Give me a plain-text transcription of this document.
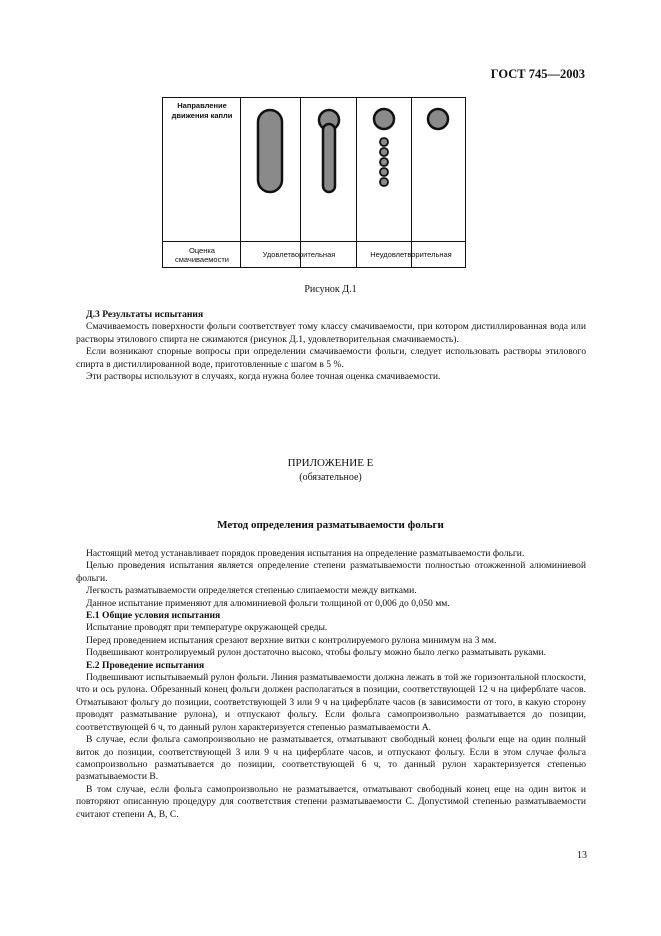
ГОСТ 745—2003
Направление движения капли
Оценка смачиваемости
Удовлетворительная	Неудовлетворительная
Рисунок Д.1

Д.3 Результаты испытания

Смачиваемость поверхности фольги соответствует тому классу смачиваемости, при котором дистиллированная вода или растворы этилового спирта не сжимаются (рисунок Д.1, удовлетворительная смачиваемость).

Если возникают спорные вопросы при определении смачиваемости фольги, следует использовать растворы этилового спирта в дистиллированной воде, приготовленные с шагом в 5 %.

Эти растворы используют в случаях, когда нужна более точная оценка смачиваемости.

ПРИЛОЖЕНИЕ Е
(обязательное)
Метод определения разматываемости фольги

Настоящий метод устанавливает порядок проведения испытания на определение разматываемости фольги.

Целью проведения испытания является определение степени разматываемости полностью отожженной алюминиевой фольги.

Легкость разматываемости определяется степенью слипаемости между витками.

Данное испытание применяют для алюминиевой фольги толщиной от 0,006 до 0,050 мм.

Е.1 Общие условия испытания

Испытание проводят при температуре окружающей среды.

Перед проведением испытания срезают верхние витки с контролируемого рулона минимум на 3 мм.

Подвешивают контролируемый рулон достаточно высоко, чтобы фольгу можно было легко разматывать руками.

Е.2 Проведение испытания

Подвешивают испытываемый рулон фольги. Линия разматываемости должна лежать в той же горизонтальной плоскости, что и ось рулона. Обрезанный конец фольги должен располагаться в позиции, соответствующей 12 ч на циферблате часов. Отматывают фольгу до позиции, соответствующей 3 или 9 ч на циферблате часов (в зависимости от того, в какую сторону проводят разматывание рулона), и отпускают фольгу. Если фольга самопроизвольно разматывается до позиции, соответствующей 6 ч, то данный рулон характеризуется степенью разматываемости А.

В случае, если фольга самопроизвольно не разматывается, отматывают свободный конец фольги еще на один полный виток до позиции, соответствующей 3 или 9 ч на циферблате часов, и отпускают фольгу. Если в этом случае фольга самопроизвольно разматывается до позиции, соответствующей 6 ч, то данный рулон характеризуется степенью разматываемости В.

В том случае, если фольга самопроизвольно не разматывается, отматывают свободный конец еще на один виток и повторяют описанную процедуру для соответствия степени разматываемости С. Допустимой степенью разматываемости считают степени А, В, С.

13
